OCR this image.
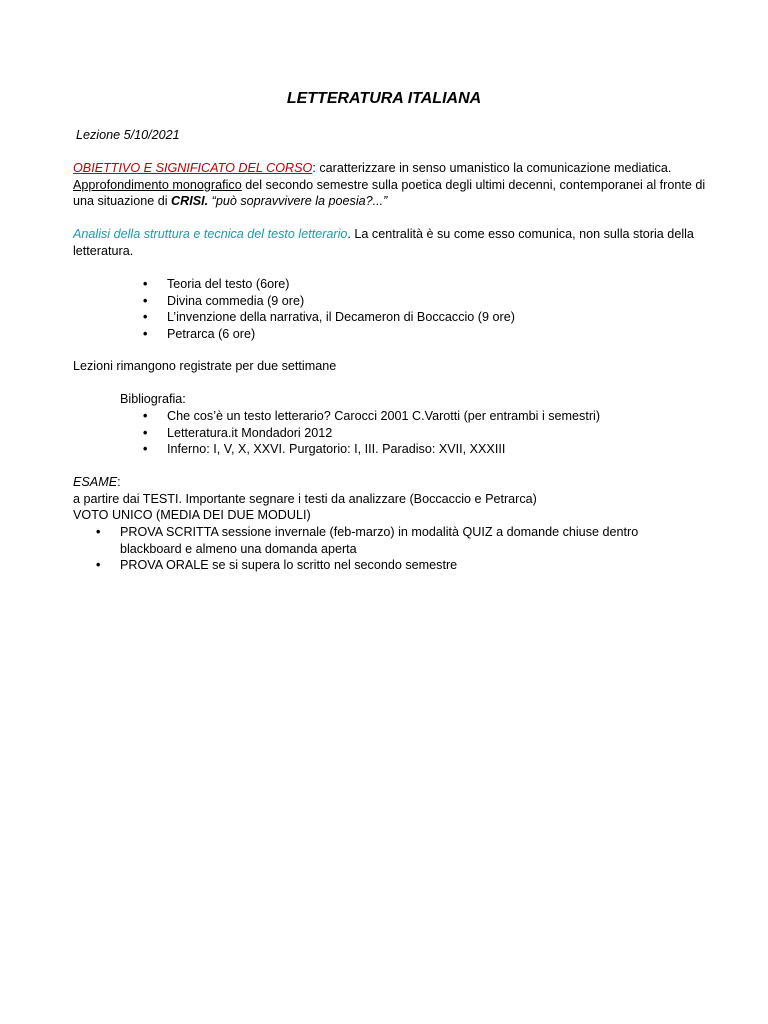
LETTERATURA ITALIANA
Lezione 5/10/2021
OBIETTIVO E SIGNIFICATO DEL CORSO: caratterizzare in senso umanistico la comunicazione mediatica.
Approfondimento monografico del secondo semestre sulla poetica degli ultimi decenni, contemporanei al fronte di una situazione di CRISI. “può sopravvivere la poesia?...”
Analisi della struttura e tecnica del testo letterario. La centralità è su come esso comunica, non sulla storia della letteratura.
• Teoria del testo (6ore)
• Divina commedia (9 ore)
• L’invenzione della narrativa, il Decameron di Boccaccio (9 ore)
• Petrarca (6 ore)
Lezioni rimangono registrate per due settimane
Bibliografia:
• Che cos’è un testo letterario? Carocci 2001 C.Varotti (per entrambi i semestri)
• Letteratura.it Mondadori 2012
• Inferno: I, V, X, XXVI. Purgatorio: I, III. Paradiso: XVII, XXXIII
ESAME:
a partire dai TESTI. Importante segnare i testi da analizzare (Boccaccio e Petrarca)
VOTO UNICO (MEDIA DEI DUE MODULI)
• PROVA SCRITTA sessione invernale (feb-marzo) in modalità QUIZ a domande chiuse dentro blackboard e almeno una domanda aperta
• PROVA ORALE se si supera lo scritto nel secondo semestre
